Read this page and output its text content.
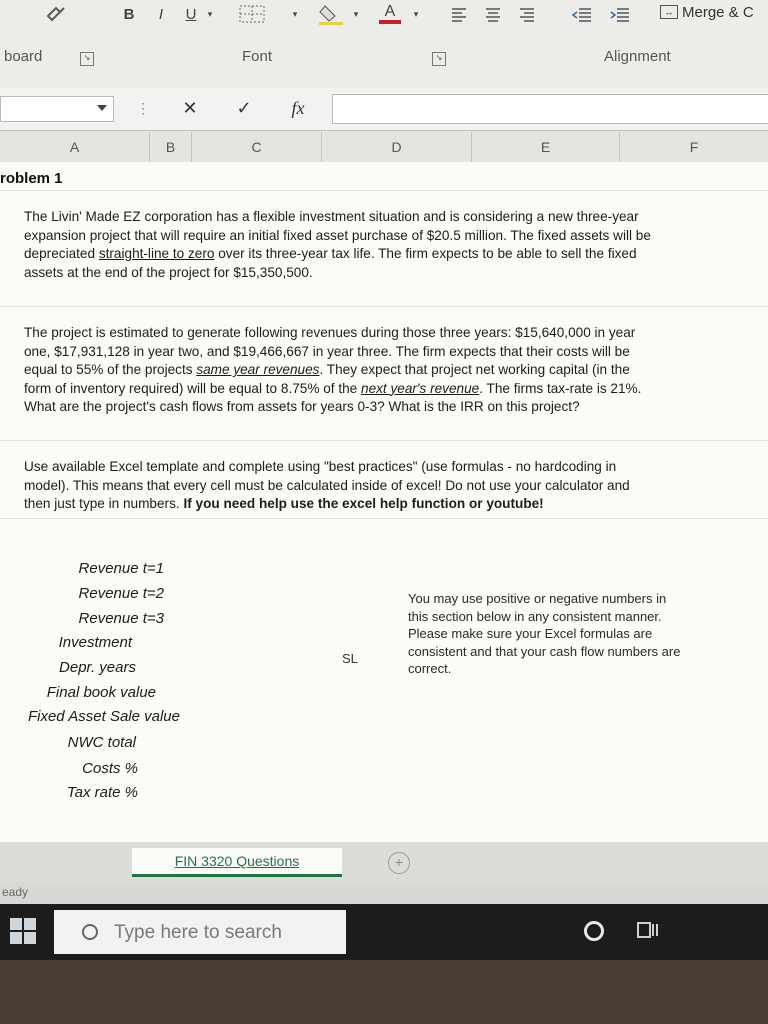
B	I	U	▾	▾	▾ A	▾	↔ Merge & C
board	↘	Font	↘	Alignment
⋮	✕	✓	fx
A	B	C	D	E	F
roblem 1
The Livin' Made EZ corporation has a flexible investment situation and is considering a new three-year
expansion project that will require an initial fixed asset purchase of $20.5 million. The fixed assets will be
depreciated straight-line to zero over its three-year tax life. The firm expects to be able to sell the fixed
assets at the end of the project for $15,350,500.
The project is estimated to generate following revenues during those three years: $15,640,000 in year
one, $17,931,128 in year two, and $19,466,667 in year three. The firm expects that their costs will be
equal to 55% of the projects same year revenues. They expect that project net working capital (in the
form of inventory required) will be equal to 8.75% of the next year's revenue. The firms tax-rate is 21%.
What are the project's cash flows from assets for years 0-3? What is the IRR on this project?
Use available Excel template and complete using "best practices" (use formulas - no hardcoding in
model). This means that every cell must be calculated inside of excel! Do not use your calculator and
then just type in numbers. If you need help use the excel help function or youtube!
Revenue t=1
Revenue t=2
Revenue t=3
Investment
Depr. years
Final book value
Fixed Asset Sale value
NWC total
Costs %
Tax rate %
SL
You may use positive or negative numbers in
this section below in any consistent manner.
Please make sure your Excel formulas are
consistent and that your cash flow numbers are
correct.
FIN 3320 Questions	+
eady
Type here to search
